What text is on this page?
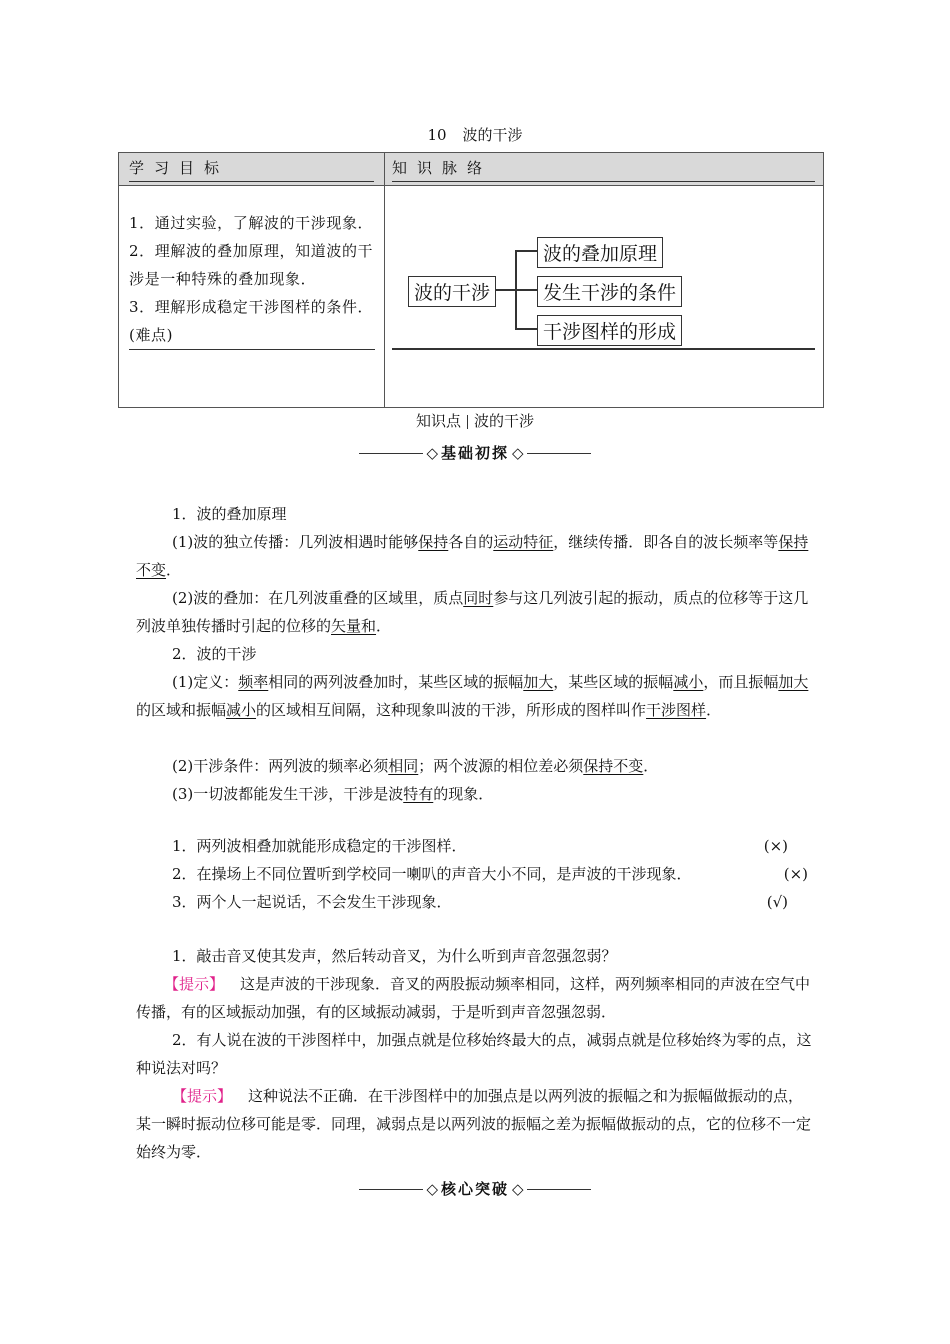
10 波的干涉
学习目标	知识脉络
1．通过实验，了解波的干涉现象．
2．理解波的叠加原理，知道波的干涉是一种特殊的叠加现象．
3．理解形成稳定干涉图样的条件．(难点)
波的干涉
波的叠加原理
发生干涉的条件
干涉图样的形成
知识点 波的干涉
◇ 基础初探 ◇
1．波的叠加原理
(1)波的独立传播：几列波相遇时能够保持各自的运动特征，继续传播．即各自的波长频率等保持不变．
(2)波的叠加：在几列波重叠的区域里，质点同时参与这几列波引起的振动，质点的位移等于这几列波单独传播时引起的位移的矢量和．
2．波的干涉
(1)定义：频率相同的两列波叠加时，某些区域的振幅加大，某些区域的振幅减小，而且振幅加大的区域和振幅减小的区域相互间隔，这种现象叫波的干涉，所形成的图样叫作干涉图样．
(2)干涉条件：两列波的频率必须相同；两个波源的相位差必须保持不变．
(3)一切波都能发生干涉，干涉是波特有的现象．
1．两列波相叠加就能形成稳定的干涉图样．	(×)
2．在操场上不同位置听到学校同一喇叭的声音大小不同，是声波的干涉现象．	(×)
3．两个人一起说话，不会发生干涉现象．	(√)
1．敲击音叉使其发声，然后转动音叉，为什么听到声音忽强忽弱？
【提示】 这是声波的干涉现象．音叉的两股振动频率相同，这样，两列频率相同的声波在空气中传播，有的区域振动加强，有的区域振动减弱，于是听到声音忽强忽弱．
2．有人说在波的干涉图样中，加强点就是位移始终最大的点，减弱点就是位移始终为零的点，这种说法对吗？
【提示】 这种说法不正确．在干涉图样中的加强点是以两列波的振幅之和为振幅做振动的点，某一瞬时振动位移可能是零．同理，减弱点是以两列波的振幅之差为振幅做振动的点，它的位移不一定始终为零．
◇ 核心突破 ◇
